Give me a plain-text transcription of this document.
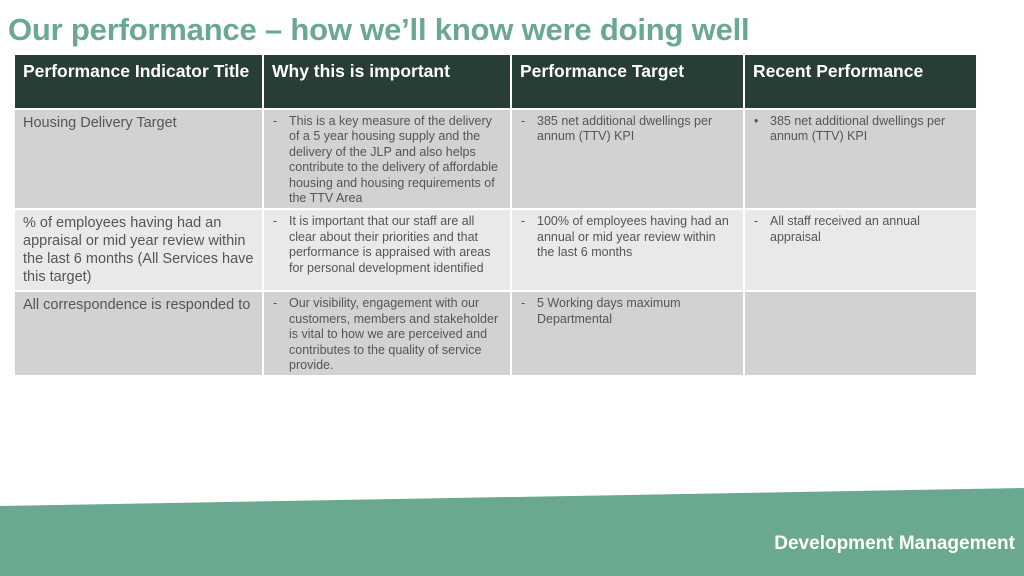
Our performance – how we’ll know were doing well
Performance Indicator Title	Why this is important	Performance Target	Recent Performance
Housing Delivery Target	- This is a key measure of the delivery of a 5 year housing supply and the delivery of the JLP and also helps contribute to the delivery of affordable housing and housing requirements of the TTV Area	- 385 net additional dwellings per annum (TTV) KPI	• 385 net additional dwellings per annum (TTV) KPI

% of employees having had an appraisal or mid year review within the last 6 months (All Services have this target)	- It is important that our staff are all clear about their priorities and that performance is appraised with areas for personal development identified	- 100% of employees having had an annual or mid year review within the last 6 months	- All staff received an annual appraisal

All correspondence is responded to	- Our visibility, engagement with our customers, members and stakeholder is vital to how we are perceived and contributes to the quality of service provide.	- 5 Working days maximum Departmental	

Development Management
